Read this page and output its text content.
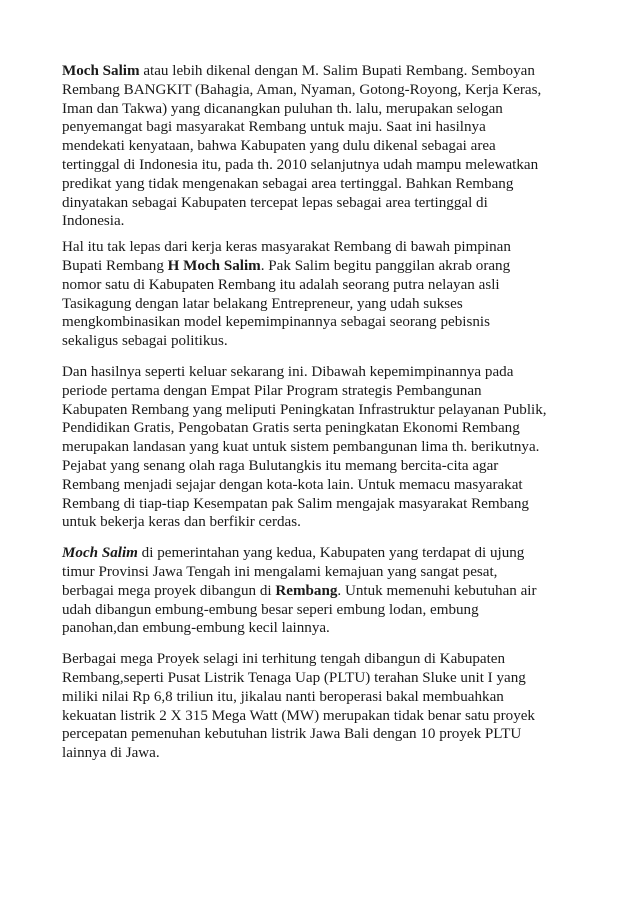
Moch Salim atau lebih dikenal dengan M. Salim Bupati Rembang. Semboyan
Rembang BANGKIT (Bahagia, Aman, Nyaman, Gotong-Royong, Kerja Keras,
Iman dan Takwa) yang dicanangkan puluhan th. lalu, merupakan selogan
penyemangat bagi masyarakat Rembang untuk maju. Saat ini hasilnya
mendekati kenyataan, bahwa Kabupaten yang dulu dikenal sebagai area
tertinggal di Indonesia itu, pada th. 2010 selanjutnya udah mampu melewatkan
predikat yang tidak mengenakan sebagai area tertinggal. Bahkan Rembang
dinyatakan sebagai Kabupaten tercepat lepas sebagai area tertinggal di
Indonesia.

Hal itu tak lepas dari kerja keras masyarakat Rembang di bawah pimpinan
Bupati Rembang H Moch Salim. Pak Salim begitu panggilan akrab orang
nomor satu di Kabupaten Rembang itu adalah seorang putra nelayan asli
Tasikagung dengan latar belakang Entrepreneur, yang udah sukses
mengkombinasikan model kepemimpinannya sebagai seorang pebisnis
sekaligus sebagai politikus.

Dan hasilnya seperti keluar sekarang ini. Dibawah kepemimpinannya pada
periode pertama dengan Empat Pilar Program strategis Pembangunan
Kabupaten Rembang yang meliputi Peningkatan Infrastruktur pelayanan Publik,
Pendidikan Gratis, Pengobatan Gratis serta peningkatan Ekonomi Rembang
merupakan landasan yang kuat untuk sistem pembangunan lima th. berikutnya.
Pejabat yang senang olah raga Bulutangkis itu memang bercita-cita agar
Rembang menjadi sejajar dengan kota-kota lain. Untuk memacu masyarakat
Rembang di tiap-tiap Kesempatan pak Salim mengajak masyarakat Rembang
untuk bekerja keras dan berfikir cerdas.

Moch Salim di pemerintahan yang kedua, Kabupaten yang terdapat di ujung
timur Provinsi Jawa Tengah ini mengalami kemajuan yang sangat pesat,
berbagai mega proyek dibangun di Rembang. Untuk memenuhi kebutuhan air
udah dibangun embung-embung besar seperi embung lodan, embung
panohan,dan embung-embung kecil lainnya.

Berbagai mega Proyek selagi ini terhitung tengah dibangun di Kabupaten
Rembang,seperti Pusat Listrik Tenaga Uap (PLTU) terahan Sluke unit I yang
miliki nilai Rp 6,8 triliun itu, jikalau nanti beroperasi bakal membuahkan
kekuatan listrik 2 X 315 Mega Watt (MW) merupakan tidak benar satu proyek
percepatan pemenuhan kebutuhan listrik Jawa Bali dengan 10 proyek PLTU
lainnya di Jawa.
